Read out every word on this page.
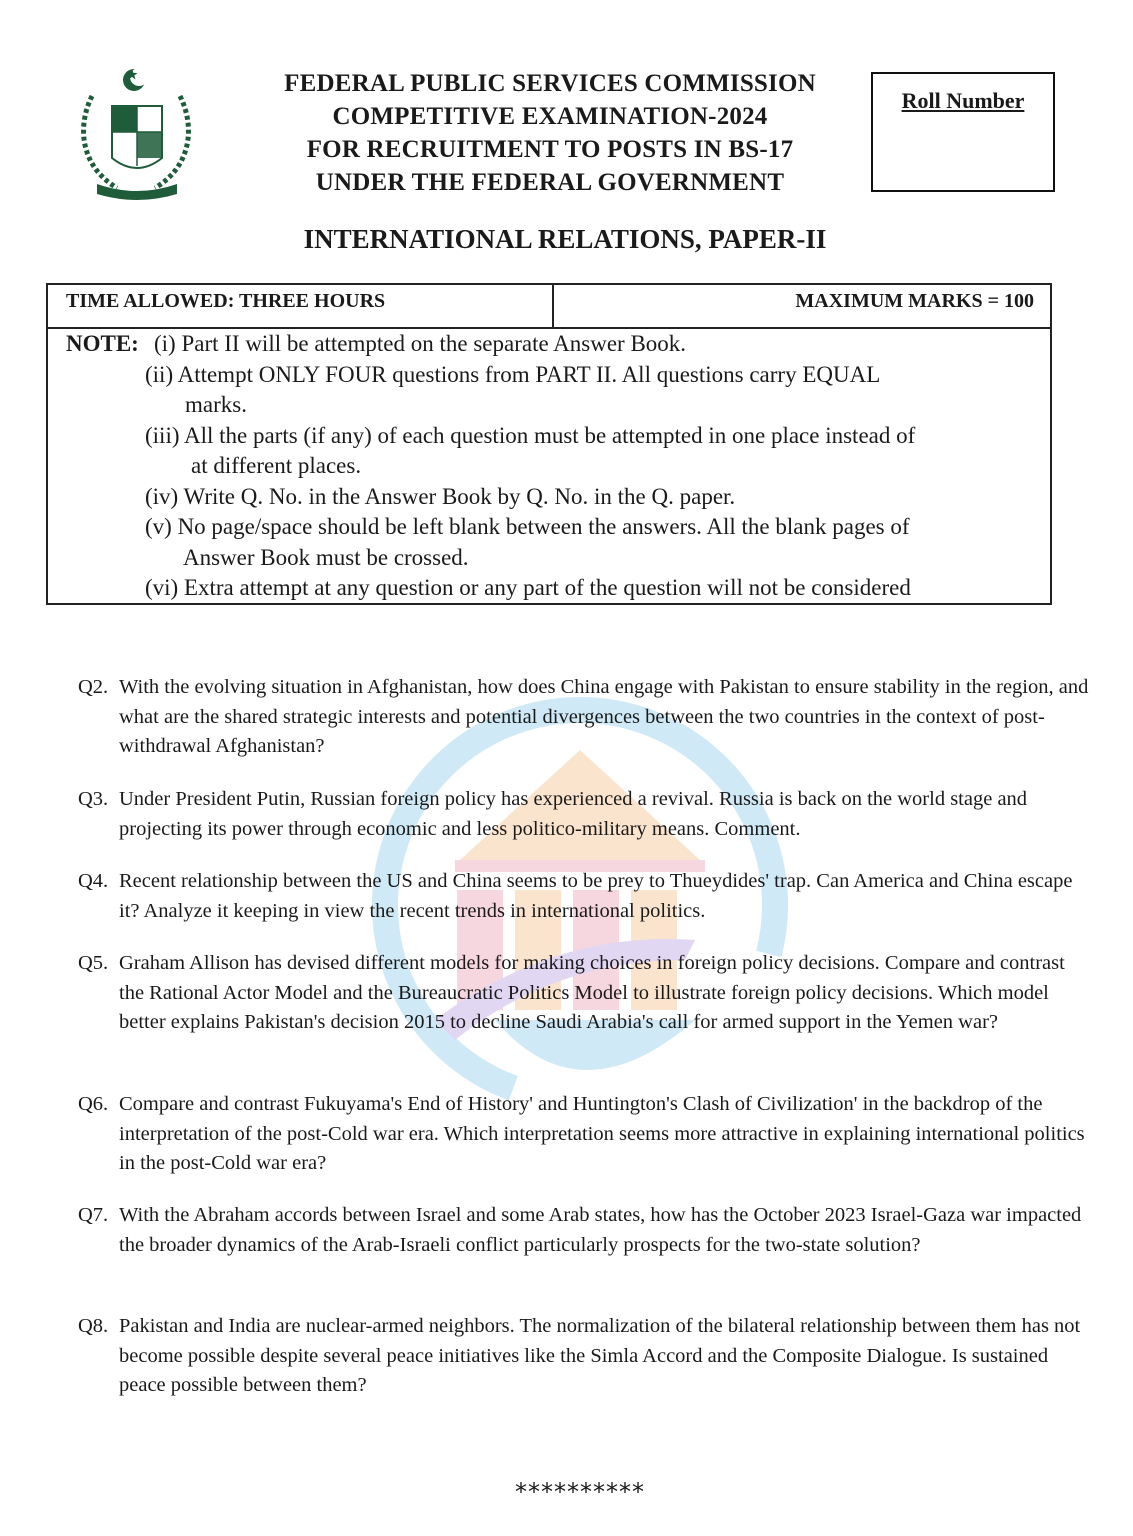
FEDERAL PUBLIC SERVICES COMMISSION
COMPETITIVE EXAMINATION-2024
FOR RECRUITMENT TO POSTS IN BS-17
UNDER THE FEDERAL GOVERNMENT
Roll Number
INTERNATIONAL RELATIONS, PAPER-II
TIME ALLOWED: THREE HOURS	MAXIMUM MARKS = 100
NOTE: (i) Part II will be attempted on the separate Answer Book.
(ii) Attempt ONLY FOUR questions from PART II. All questions carry EQUAL
marks.
(iii) All the parts (if any) of each question must be attempted in one place instead of
at different places.
(iv) Write Q. No. in the Answer Book by Q. No. in the Q. paper.
(v) No page/space should be left blank between the answers. All the blank pages of
Answer Book must be crossed.
(vi) Extra attempt at any question or any part of the question will not be considered
Q2. With the evolving situation in Afghanistan, how does China engage with Pakistan to ensure stability in the region, and what are the shared strategic interests and potential divergences between the two countries in the context of post-withdrawal Afghanistan?
Q3. Under President Putin, Russian foreign policy has experienced a revival. Russia is back on the world stage and projecting its power through economic and less politico-military means. Comment.
Q4. Recent relationship between the US and China seems to be prey to Thueydides' trap. Can America and China escape it? Analyze it keeping in view the recent trends in international politics.
Q5. Graham Allison has devised different models for making choices in foreign policy decisions. Compare and contrast the Rational Actor Model and the Bureaucratic Politics Model to illustrate foreign policy decisions. Which model better explains Pakistan's decision 2015 to decline Saudi Arabia's call for armed support in the Yemen war?
Q6. Compare and contrast Fukuyama's End of History' and Huntington's Clash of Civilization' in the backdrop of the interpretation of the post-Cold war era. Which interpretation seems more attractive in explaining international politics in the post-Cold war era?
Q7. With the Abraham accords between Israel and some Arab states, how has the October 2023 Israel-Gaza war impacted the broader dynamics of the Arab-Israeli conflict particularly prospects for the two-state solution?
Q8. Pakistan and India are nuclear-armed neighbors. The normalization of the bilateral relationship between them has not become possible despite several peace initiatives like the Simla Accord and the Composite Dialogue. Is sustained peace possible between them?
**********
